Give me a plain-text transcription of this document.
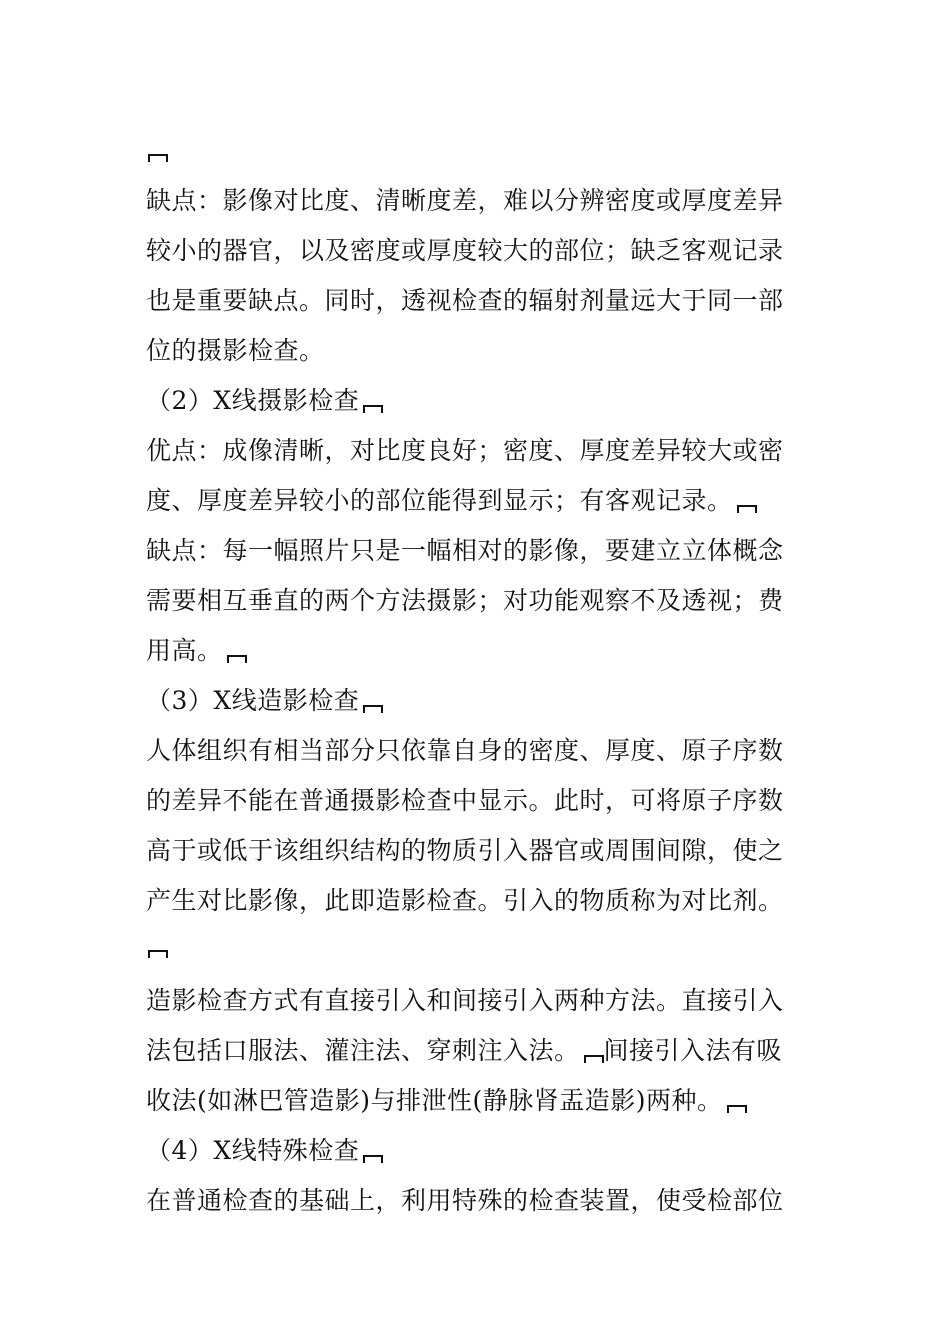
缺点：影像对比度、清晰度差，难以分辨密度或厚度差异
较小的器官，以及密度或厚度较大的部位；缺乏客观记录
也是重要缺点。同时，透视检查的辐射剂量远大于同一部
位的摄影检查。
（2）X线摄影检查
优点：成像清晰，对比度良好；密度、厚度差异较大或密
度、厚度差异较小的部位能得到显示；有客观记录。
缺点：每一幅照片只是一幅相对的影像，要建立立体概念
需要相互垂直的两个方法摄影；对功能观察不及透视；费
用高。
（3）X线造影检查
人体组织有相当部分只依靠自身的密度、厚度、原子序数
的差异不能在普通摄影检查中显示。此时，可将原子序数
高于或低于该组织结构的物质引入器官或周围间隙，使之
产生对比影像，此即造影检查。引入的物质称为对比剂。
造影检查方式有直接引入和间接引入两种方法。直接引入
法包括口服法、灌注法、穿刺注入法。 间接引入法有吸
收法(如淋巴管造影)与排泄性(静脉肾盂造影)两种。
（4）X线特殊检查
在普通检查的基础上，利用特殊的检查装置，使受检部位
